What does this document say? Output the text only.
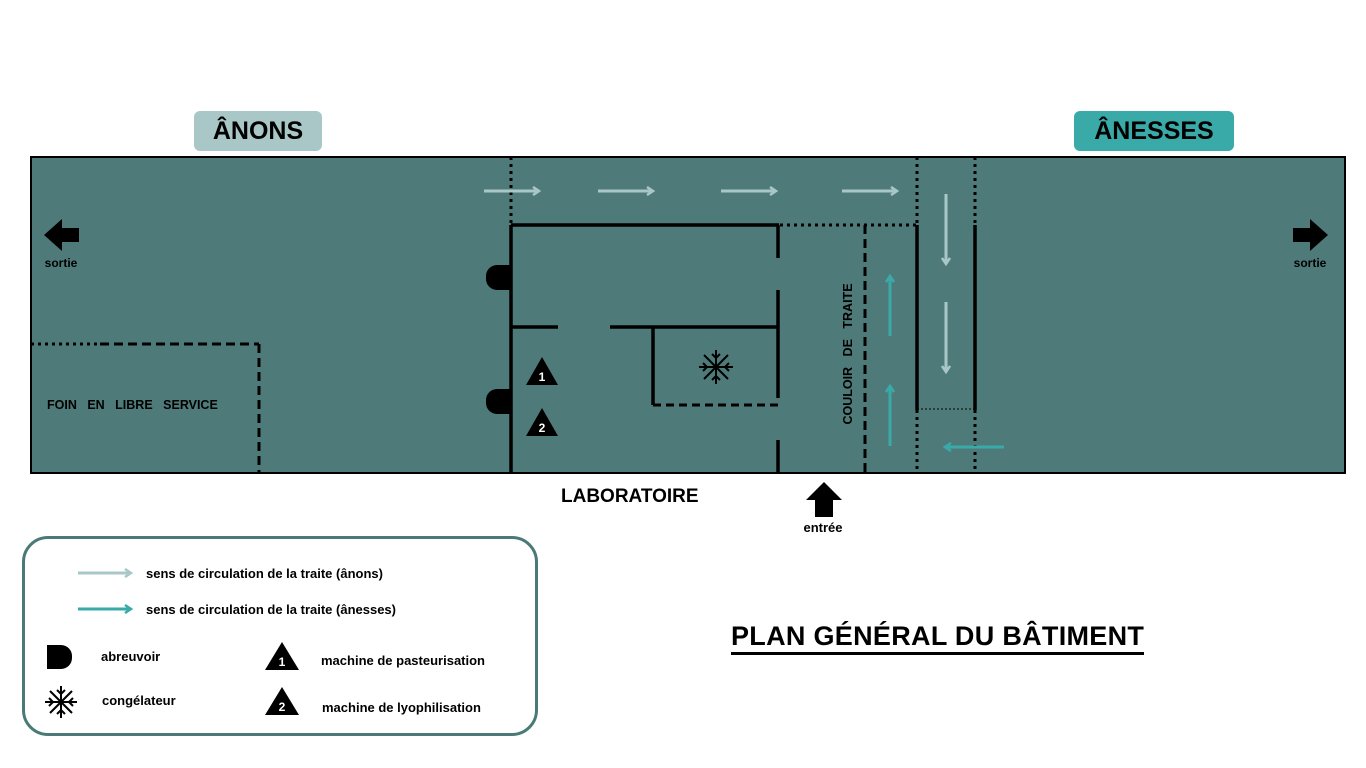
ÂNONS	ÂNESSES
1
2
1
2
sortie	sortie
FOIN EN LIBRE SERVICE	COULOIR DE TRAITE
LABORATOIRE
entrée
sens de circulation de la traite (ânons)
sens de circulation de la traite (ânesses)
abreuvoir	machine de pasteurisation
congélateur	machine de lyophilisation
PLAN GÉNÉRAL DU BÂTIMENT
